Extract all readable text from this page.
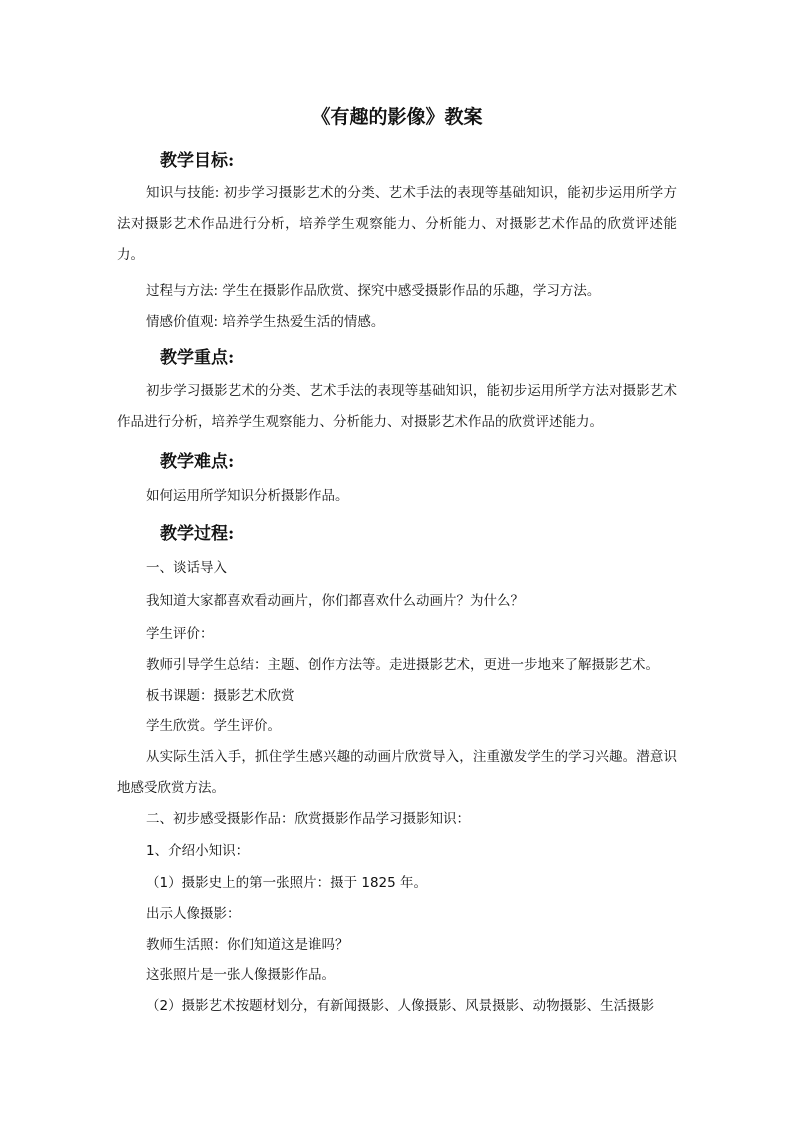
《有趣的影像》教案
教学目标:

知识与技能: 初步学习摄影艺术的分类、艺术手法的表现等基础知识，能初步运用所学方法对摄影艺术作品进行分析，培养学生观察能力、分析能力、对摄影艺术作品的欣赏评述能力。

过程与方法: 学生在摄影作品欣赏、探究中感受摄影作品的乐趣，学习方法。

情感价值观: 培养学生热爱生活的情感。

教学重点:

初步学习摄影艺术的分类、艺术手法的表现等基础知识，能初步运用所学方法对摄影艺术作品进行分析，培养学生观察能力、分析能力、对摄影艺术作品的欣赏评述能力。

教学难点:

如何运用所学知识分析摄影作品。

教学过程:

一、谈话导入

我知道大家都喜欢看动画片，你们都喜欢什么动画片？为什么？

学生评价：

教师引导学生总结：主题、创作方法等。走进摄影艺术，更进一步地来了解摄影艺术。

板书课题：摄影艺术欣赏

学生欣赏。学生评价。

从实际生活入手，抓住学生感兴趣的动画片欣赏导入，注重激发学生的学习兴趣。潜意识地感受欣赏方法。

二、初步感受摄影作品：欣赏摄影作品学习摄影知识：

1、介绍小知识：

（1）摄影史上的第一张照片：摄于 1825 年。

出示人像摄影：

教师生活照：你们知道这是谁吗？

这张照片是一张人像摄影作品。

（2）摄影艺术按题材划分，有新闻摄影、人像摄影、风景摄影、动物摄影、生活摄影
